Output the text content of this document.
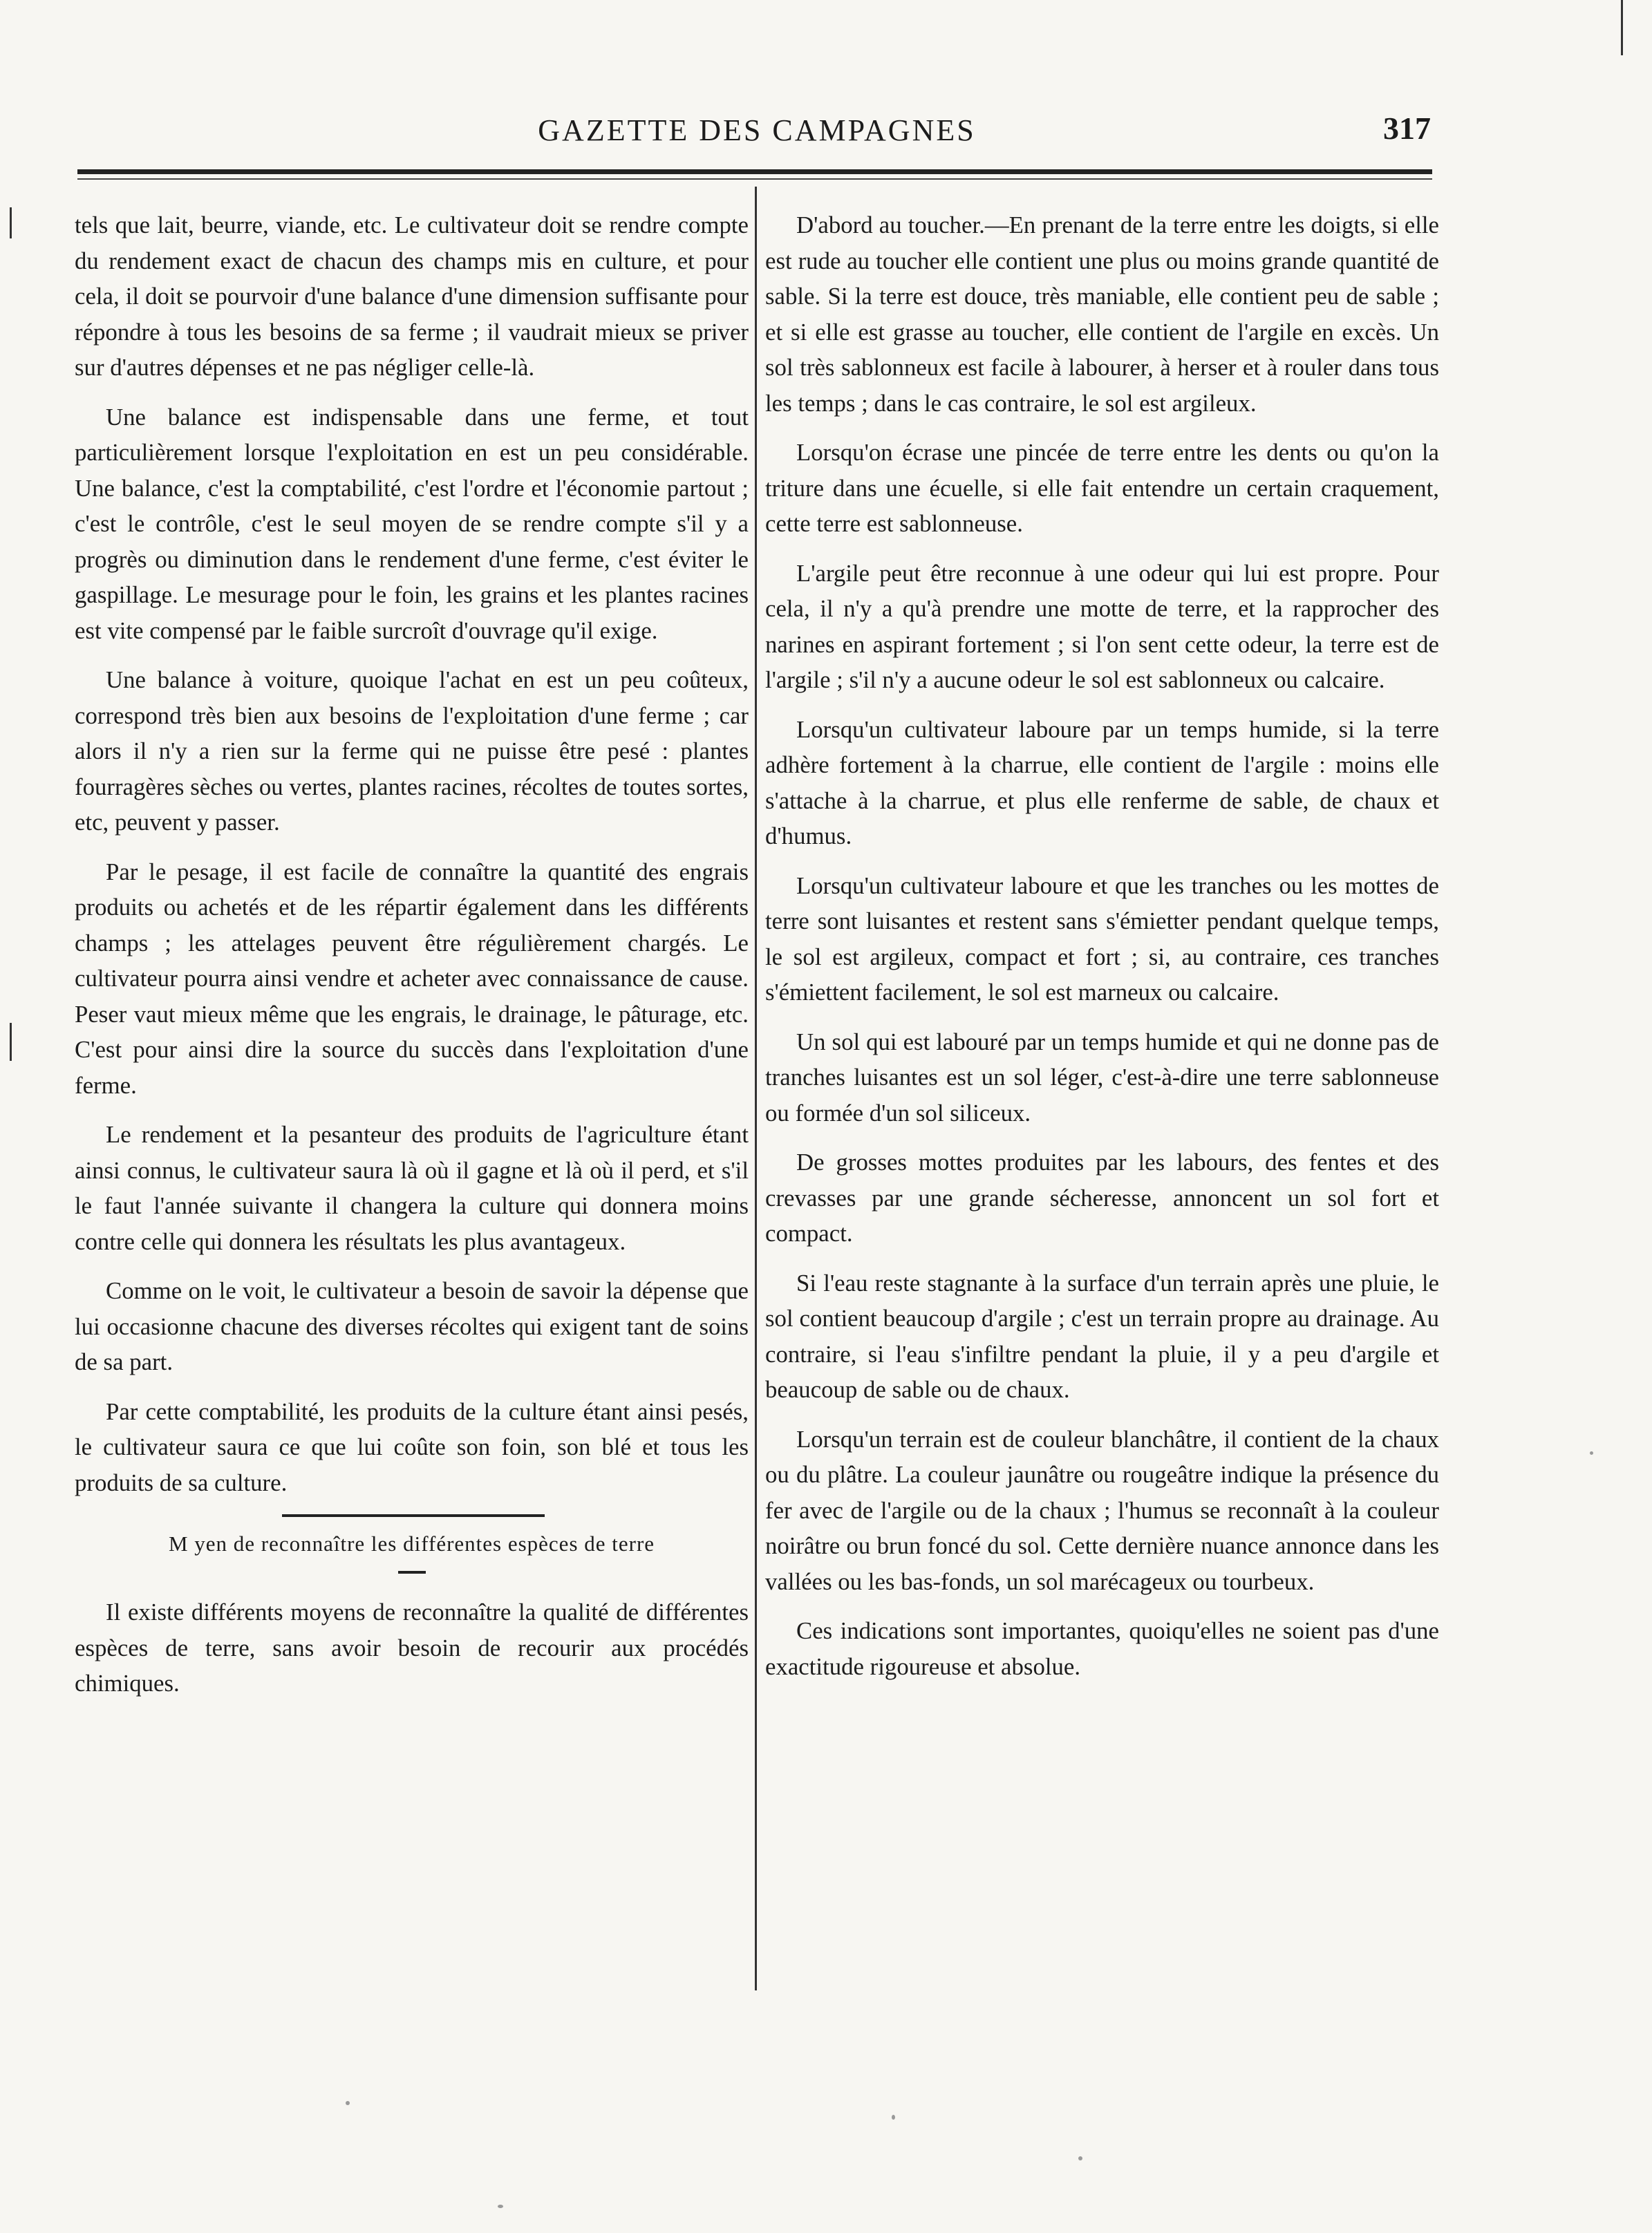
GAZETTE DES CAMPAGNES	317

tels que lait, beurre, viande, etc. Le cultivateur doit se rendre compte du rendement exact de chacun des champs mis en culture, et pour cela, il doit se pourvoir d'une balance d'une dimension suffisante pour répondre à tous les besoins de sa ferme ; il vaudrait mieux se priver sur d'autres dépenses et ne pas négliger celle-là.

Une balance est indispensable dans une ferme, et tout particulièrement lorsque l'exploitation en est un peu considérable. Une balance, c'est la comptabilité, c'est l'ordre et l'économie partout ; c'est le contrôle, c'est le seul moyen de se rendre compte s'il y a progrès ou diminution dans le rendement d'une ferme, c'est éviter le gaspillage. Le mesurage pour le foin, les grains et les plantes racines est vite compensé par le faible surcroît d'ouvrage qu'il exige.

Une balance à voiture, quoique l'achat en est un peu coûteux, correspond très bien aux besoins de l'exploitation d'une ferme ; car alors il n'y a rien sur la ferme qui ne puisse être pesé : plantes fourragères sèches ou vertes, plantes racines, récoltes de toutes sortes, etc, peuvent y passer.

Par le pesage, il est facile de connaître la quantité des engrais produits ou achetés et de les répartir également dans les différents champs ; les attelages peuvent être régulièrement chargés. Le cultivateur pourra ainsi vendre et acheter avec connaissance de cause. Peser vaut mieux même que les engrais, le drainage, le pâturage, etc. C'est pour ainsi dire la source du succès dans l'exploitation d'une ferme.

Le rendement et la pesanteur des produits de l'agriculture étant ainsi connus, le cultivateur saura là où il gagne et là où il perd, et s'il le faut l'année suivante il changera la culture qui donnera moins contre celle qui donnera les résultats les plus avantageux.

Comme on le voit, le cultivateur a besoin de savoir la dépense que lui occasionne chacune des diverses récoltes qui exigent tant de soins de sa part.

Par cette comptabilité, les produits de la culture étant ainsi pesés, le cultivateur saura ce que lui coûte son foin, son blé et tous les produits de sa culture.

M yen de reconnaître les différentes espèces de terre

Il existe différents moyens de reconnaître la qualité de différentes espèces de terre, sans avoir besoin de recourir aux procédés chimiques.

D'abord au toucher.—En prenant de la terre entre les doigts, si elle est rude au toucher elle contient une plus ou moins grande quantité de sable. Si la terre est douce, très maniable, elle contient peu de sable ; et si elle est grasse au toucher, elle contient de l'argile en excès. Un sol très sablonneux est facile à labourer, à herser et à rouler dans tous les temps ; dans le cas contraire, le sol est argileux.

Lorsqu'on écrase une pincée de terre entre les dents ou qu'on la triture dans une écuelle, si elle fait entendre un certain craquement, cette terre est sablonneuse.

L'argile peut être reconnue à une odeur qui lui est propre. Pour cela, il n'y a qu'à prendre une motte de terre, et la rapprocher des narines en aspirant fortement ; si l'on sent cette odeur, la terre est de l'argile ; s'il n'y a aucune odeur le sol est sablonneux ou calcaire.

Lorsqu'un cultivateur laboure par un temps humide, si la terre adhère fortement à la charrue, elle contient de l'argile : moins elle s'attache à la charrue, et plus elle renferme de sable, de chaux et d'humus.

Lorsqu'un cultivateur laboure et que les tranches ou les mottes de terre sont luisantes et restent sans s'émietter pendant quelque temps, le sol est argileux, compact et fort ; si, au contraire, ces tranches s'émiettent facilement, le sol est marneux ou calcaire.

Un sol qui est labouré par un temps humide et qui ne donne pas de tranches luisantes est un sol léger, c'est-à-dire une terre sablonneuse ou formée d'un sol siliceux.

De grosses mottes produites par les labours, des fentes et des crevasses par une grande sécheresse, annoncent un sol fort et compact.

Si l'eau reste stagnante à la surface d'un terrain après une pluie, le sol contient beaucoup d'argile ; c'est un terrain propre au drainage. Au contraire, si l'eau s'infiltre pendant la pluie, il y a peu d'argile et beaucoup de sable ou de chaux.

Lorsqu'un terrain est de couleur blanchâtre, il contient de la chaux ou du plâtre. La couleur jaunâtre ou rougeâtre indique la présence du fer avec de l'argile ou de la chaux ; l'humus se reconnaît à la couleur noirâtre ou brun foncé du sol. Cette dernière nuance annonce dans les vallées ou les bas-fonds, un sol marécageux ou tourbeux.

Ces indications sont importantes, quoiqu'elles ne soient pas d'une exactitude rigoureuse et absolue.
